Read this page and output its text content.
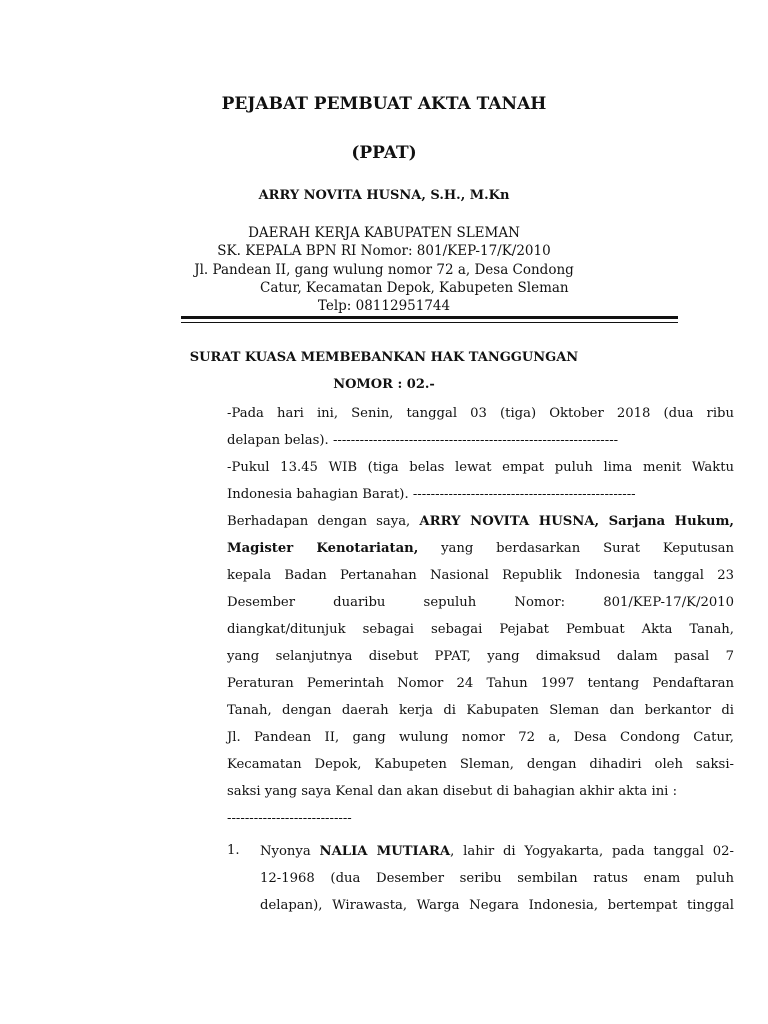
PEJABAT PEMBUAT AKTA TANAH
(PPAT)
ARRY NOVITA HUSNA, S.H., M.Kn
DAERAH KERJA KABUPATEN SLEMAN
SK. KEPALA BPN RI Nomor: 801/KEP-17/K/2010
Jl. Pandean II, gang wulung nomor 72 a, Desa Condong
Catur, Kecamatan Depok, Kabupeten Sleman
Telp: 08112951744
SURAT KUASA MEMBEBANKAN HAK TANGGUNGAN
NOMOR : 02.-
-Pada hari ini, Senin, tanggal 03 (tiga) Oktober 2018 (dua ribu
delapan belas). ----------------------------------------------------------------
-Pukul 13.45 WIB (tiga belas lewat empat puluh lima menit Waktu
Indonesia bahagian Barat). --------------------------------------------------
Berhadapan dengan saya, ARRY NOVITA HUSNA, Sarjana Hukum,
Magister Kenotariatan, yang berdasarkan Surat Keputusan
kepala Badan Pertanahan Nasional Republik Indonesia tanggal 23
Desember duaribu sepuluh Nomor: 801/KEP-17/K/2010
diangkat/ditunjuk sebagai sebagai Pejabat Pembuat Akta Tanah,
yang selanjutnya disebut PPAT, yang dimaksud dalam pasal 7
Peraturan Pemerintah Nomor 24 Tahun 1997 tentang Pendaftaran
Tanah, dengan daerah kerja di Kabupaten Sleman dan berkantor di
Jl. Pandean II, gang wulung nomor 72 a, Desa Condong Catur,
Kecamatan Depok, Kabupeten Sleman, dengan dihadiri oleh saksi-
saksi yang saya Kenal dan akan disebut di bahagian akhir akta ini :
----------------------------
1. Nyonya NALIA MUTIARA, lahir di Yogyakarta, pada tanggal 02-
12-1968 (dua Desember seribu sembilan ratus enam puluh
delapan), Wirawasta, Warga Negara Indonesia, bertempat tinggal
